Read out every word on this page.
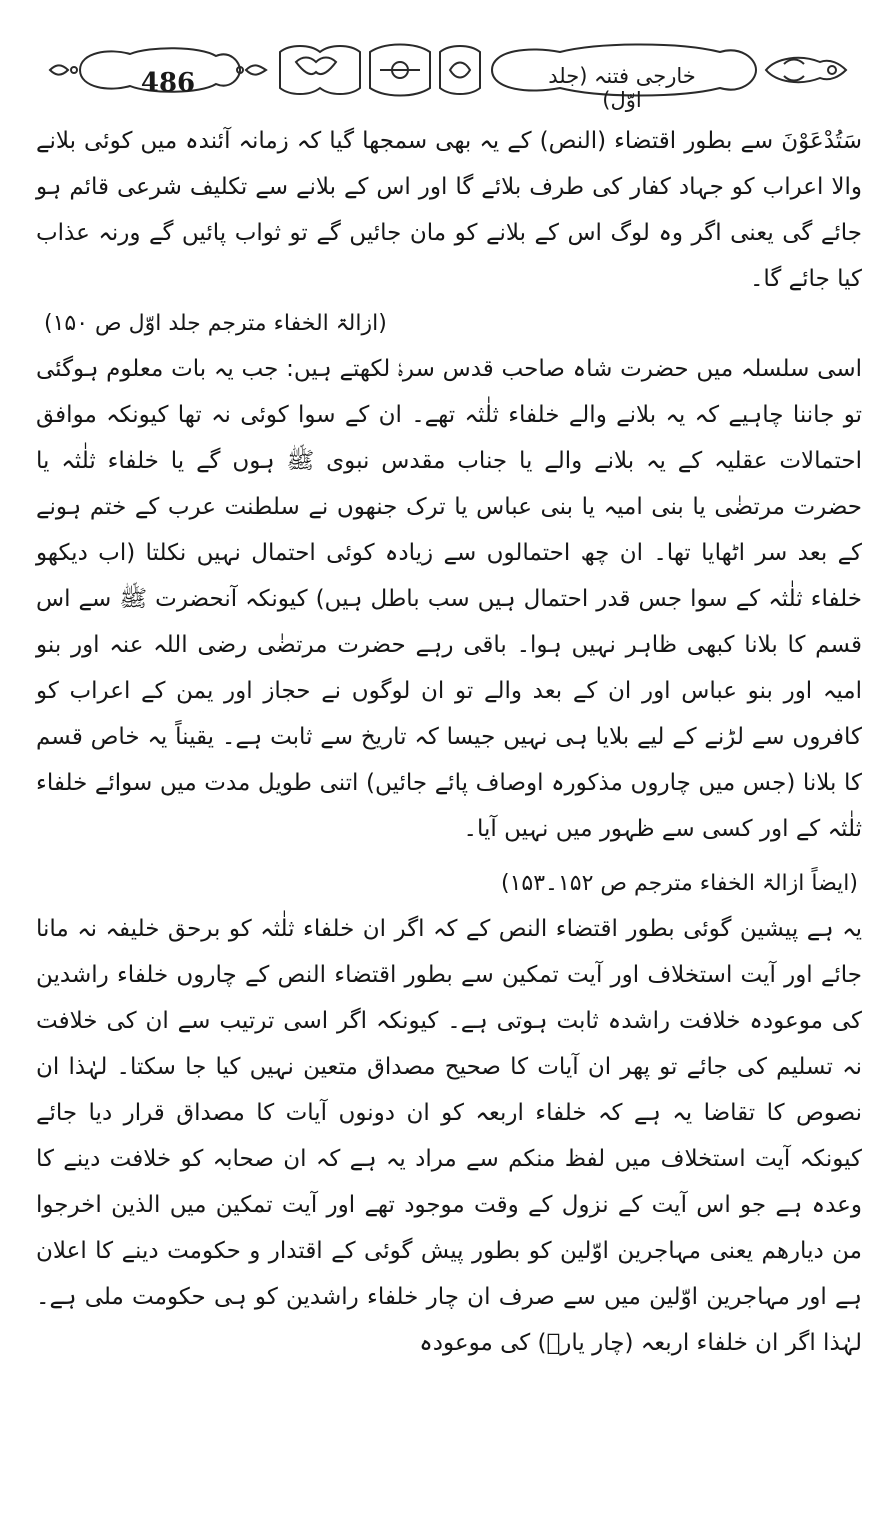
486	خارجی فتنہ (جلد اوّل)

سَتُدْعَوْنَ سے بطور اقتضاء (النص) کے یہ بھی سمجھا گیا کہ زمانہ آئندہ میں کوئی بلانے والا اعراب کو جہاد کفار کی طرف بلائے گا اور اس کے بلانے سے تکلیف شرعی قائم ہو جائے گی یعنی اگر وہ لوگ اس کے بلانے کو مان جائیں گے تو ثواب پائیں گے ورنہ عذاب کیا جائے گا۔

(ازالۃ الخفاء مترجم جلد اوّل ص ۱۵۰)

اسی سلسلہ میں حضرت شاہ صاحب قدس سرہٗ لکھتے ہیں: جب یہ بات معلوم ہوگئی تو جاننا چاہیے کہ یہ بلانے والے خلفاء ثلٰثہ تھے۔ ان کے سوا کوئی نہ تھا کیونکہ موافق احتمالات عقلیہ کے یہ بلانے والے یا جناب مقدس نبوی ﷺ ہوں گے یا خلفاء ثلٰثہ یا حضرت مرتضٰی یا بنی امیہ یا بنی عباس یا ترک جنھوں نے سلطنت عرب کے ختم ہونے کے بعد سر اٹھایا تھا۔ ان چھ احتمالوں سے زیادہ کوئی احتمال نہیں نکلتا (اب دیکھو خلفاء ثلٰثہ کے سوا جس قدر احتمال ہیں سب باطل ہیں) کیونکہ آنحضرت ﷺ سے اس قسم کا بلانا کبھی ظاہر نہیں ہوا۔ باقی رہے حضرت مرتضٰی رضی اللہ عنہ اور بنو امیہ اور بنو عباس اور ان کے بعد والے تو ان لوگوں نے حجاز اور یمن کے اعراب کو کافروں سے لڑنے کے لیے بلایا ہی نہیں جیسا کہ تاریخ سے ثابت ہے۔ یقیناً یہ خاص قسم کا بلانا (جس میں چاروں مذکورہ اوصاف پائے جائیں) اتنی طویل مدت میں سوائے خلفاء ثلٰثہ کے اور کسی سے ظہور میں نہیں آیا۔

(ایضاً ازالۃ الخفاء مترجم ص ۱۵۲۔۱۵۳)

یہ ہے پیشین گوئی بطور اقتضاء النص کے کہ اگر ان خلفاء ثلٰثہ کو برحق خلیفہ نہ مانا جائے اور آیت استخلاف اور آیت تمکین سے بطور اقتضاء النص کے چاروں خلفاء راشدین کی موعودہ خلافت راشدہ ثابت ہوتی ہے۔ کیونکہ اگر اسی ترتیب سے ان کی خلافت نہ تسلیم کی جائے تو پھر ان آیات کا صحیح مصداق متعین نہیں کیا جا سکتا۔ لہٰذا ان نصوص کا تقاضا یہ ہے کہ خلفاء اربعہ کو ان دونوں آیات کا مصداق قرار دیا جائے کیونکہ آیت استخلاف میں لفظ منکم سے مراد یہ ہے کہ ان صحابہ کو خلافت دینے کا وعدہ ہے جو اس آیت کے نزول کے وقت موجود تھے اور آیت تمکین میں الذین اخرجوا من دیارھم یعنی مہاجرین اوّلین کو بطور پیش گوئی کے اقتدار و حکومت دینے کا اعلان ہے اور مہاجرین اوّلین میں سے صرف ان چار خلفاء راشدین کو ہی حکومت ملی ہے۔ لہٰذا اگر ان خلفاء اربعہ (چار یارؓ) کی موعودہ
